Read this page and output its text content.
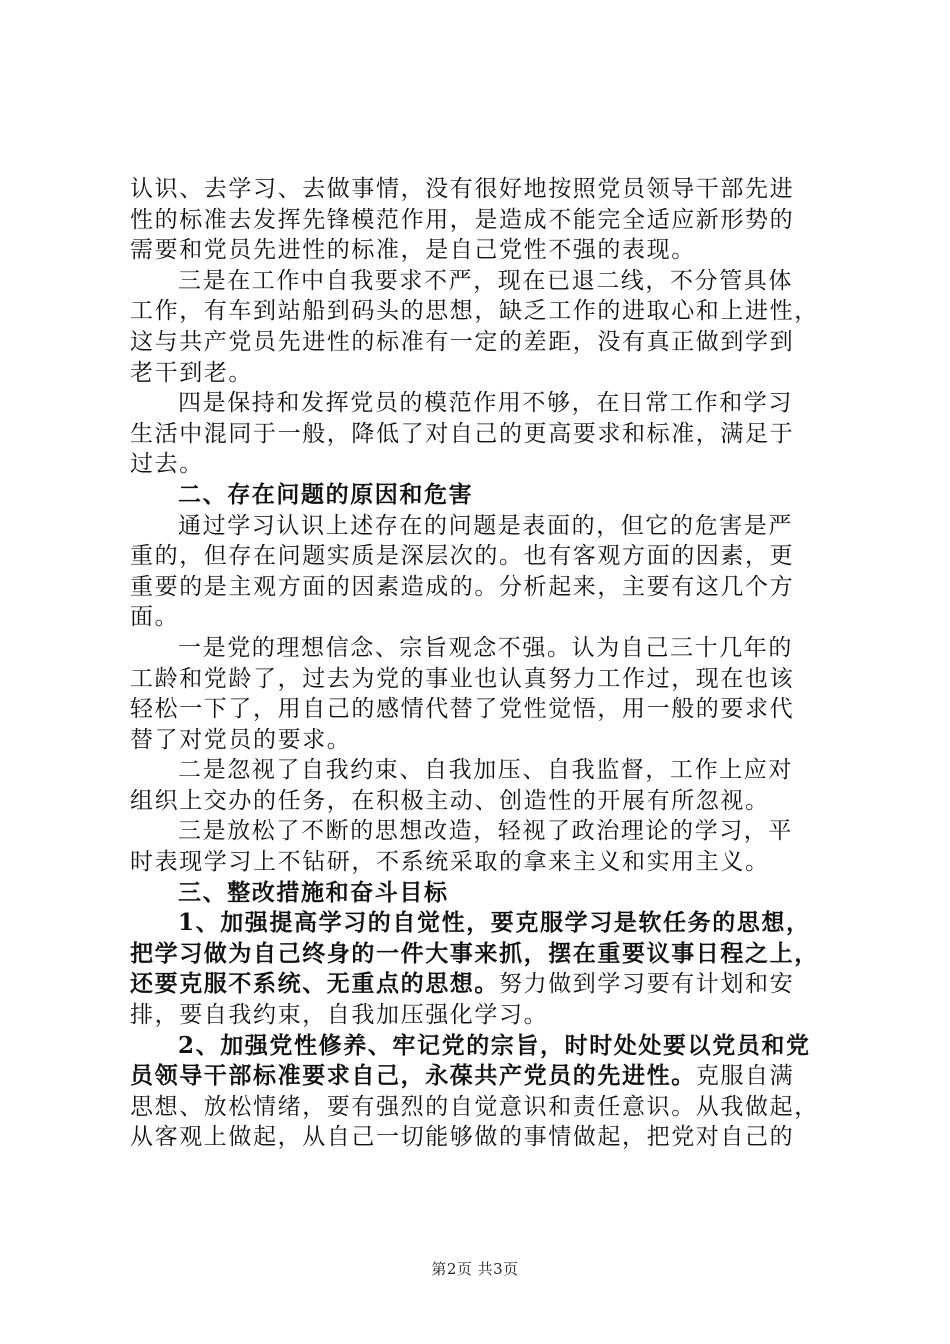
认识、去学习、去做事情，没有很好地按照党员领导干部先进
性的标准去发挥先锋模范作用，是造成不能完全适应新形势的
需要和党员先进性的标准，是自己党性不强的表现。
三是在工作中自我要求不严，现在已退二线，不分管具体
工作，有车到站船到码头的思想，缺乏工作的进取心和上进性，
这与共产党员先进性的标准有一定的差距，没有真正做到学到
老干到老。
四是保持和发挥党员的模范作用不够，在日常工作和学习
生活中混同于一般，降低了对自己的更高要求和标准，满足于
过去。
二、存在问题的原因和危害
通过学习认识上述存在的问题是表面的，但它的危害是严
重的，但存在问题实质是深层次的。也有客观方面的因素，更
重要的是主观方面的因素造成的。分析起来，主要有这几个方
面。
一是党的理想信念、宗旨观念不强。认为自己三十几年的
工龄和党龄了，过去为党的事业也认真努力工作过，现在也该
轻松一下了，用自己的感情代替了党性觉悟，用一般的要求代
替了对党员的要求。
二是忽视了自我约束、自我加压、自我监督，工作上应对
组织上交办的任务，在积极主动、创造性的开展有所忽视。
三是放松了不断的思想改造，轻视了政治理论的学习，平
时表现学习上不钻研，不系统采取的拿来主义和实用主义。
三、整改措施和奋斗目标
1、加强提高学习的自觉性，要克服学习是软任务的思想，
把学习做为自己终身的一件大事来抓，摆在重要议事日程之上，
还要克服不系统、无重点的思想。努力做到学习要有计划和安
排，要自我约束，自我加压强化学习。
2、加强党性修养、牢记党的宗旨，时时处处要以党员和党
员领导干部标准要求自己，永葆共产党员的先进性。克服自满
思想、放松情绪，要有强烈的自觉意识和责任意识。从我做起，
从客观上做起，从自己一切能够做的事情做起，把党对自己的
第2页 共3页
